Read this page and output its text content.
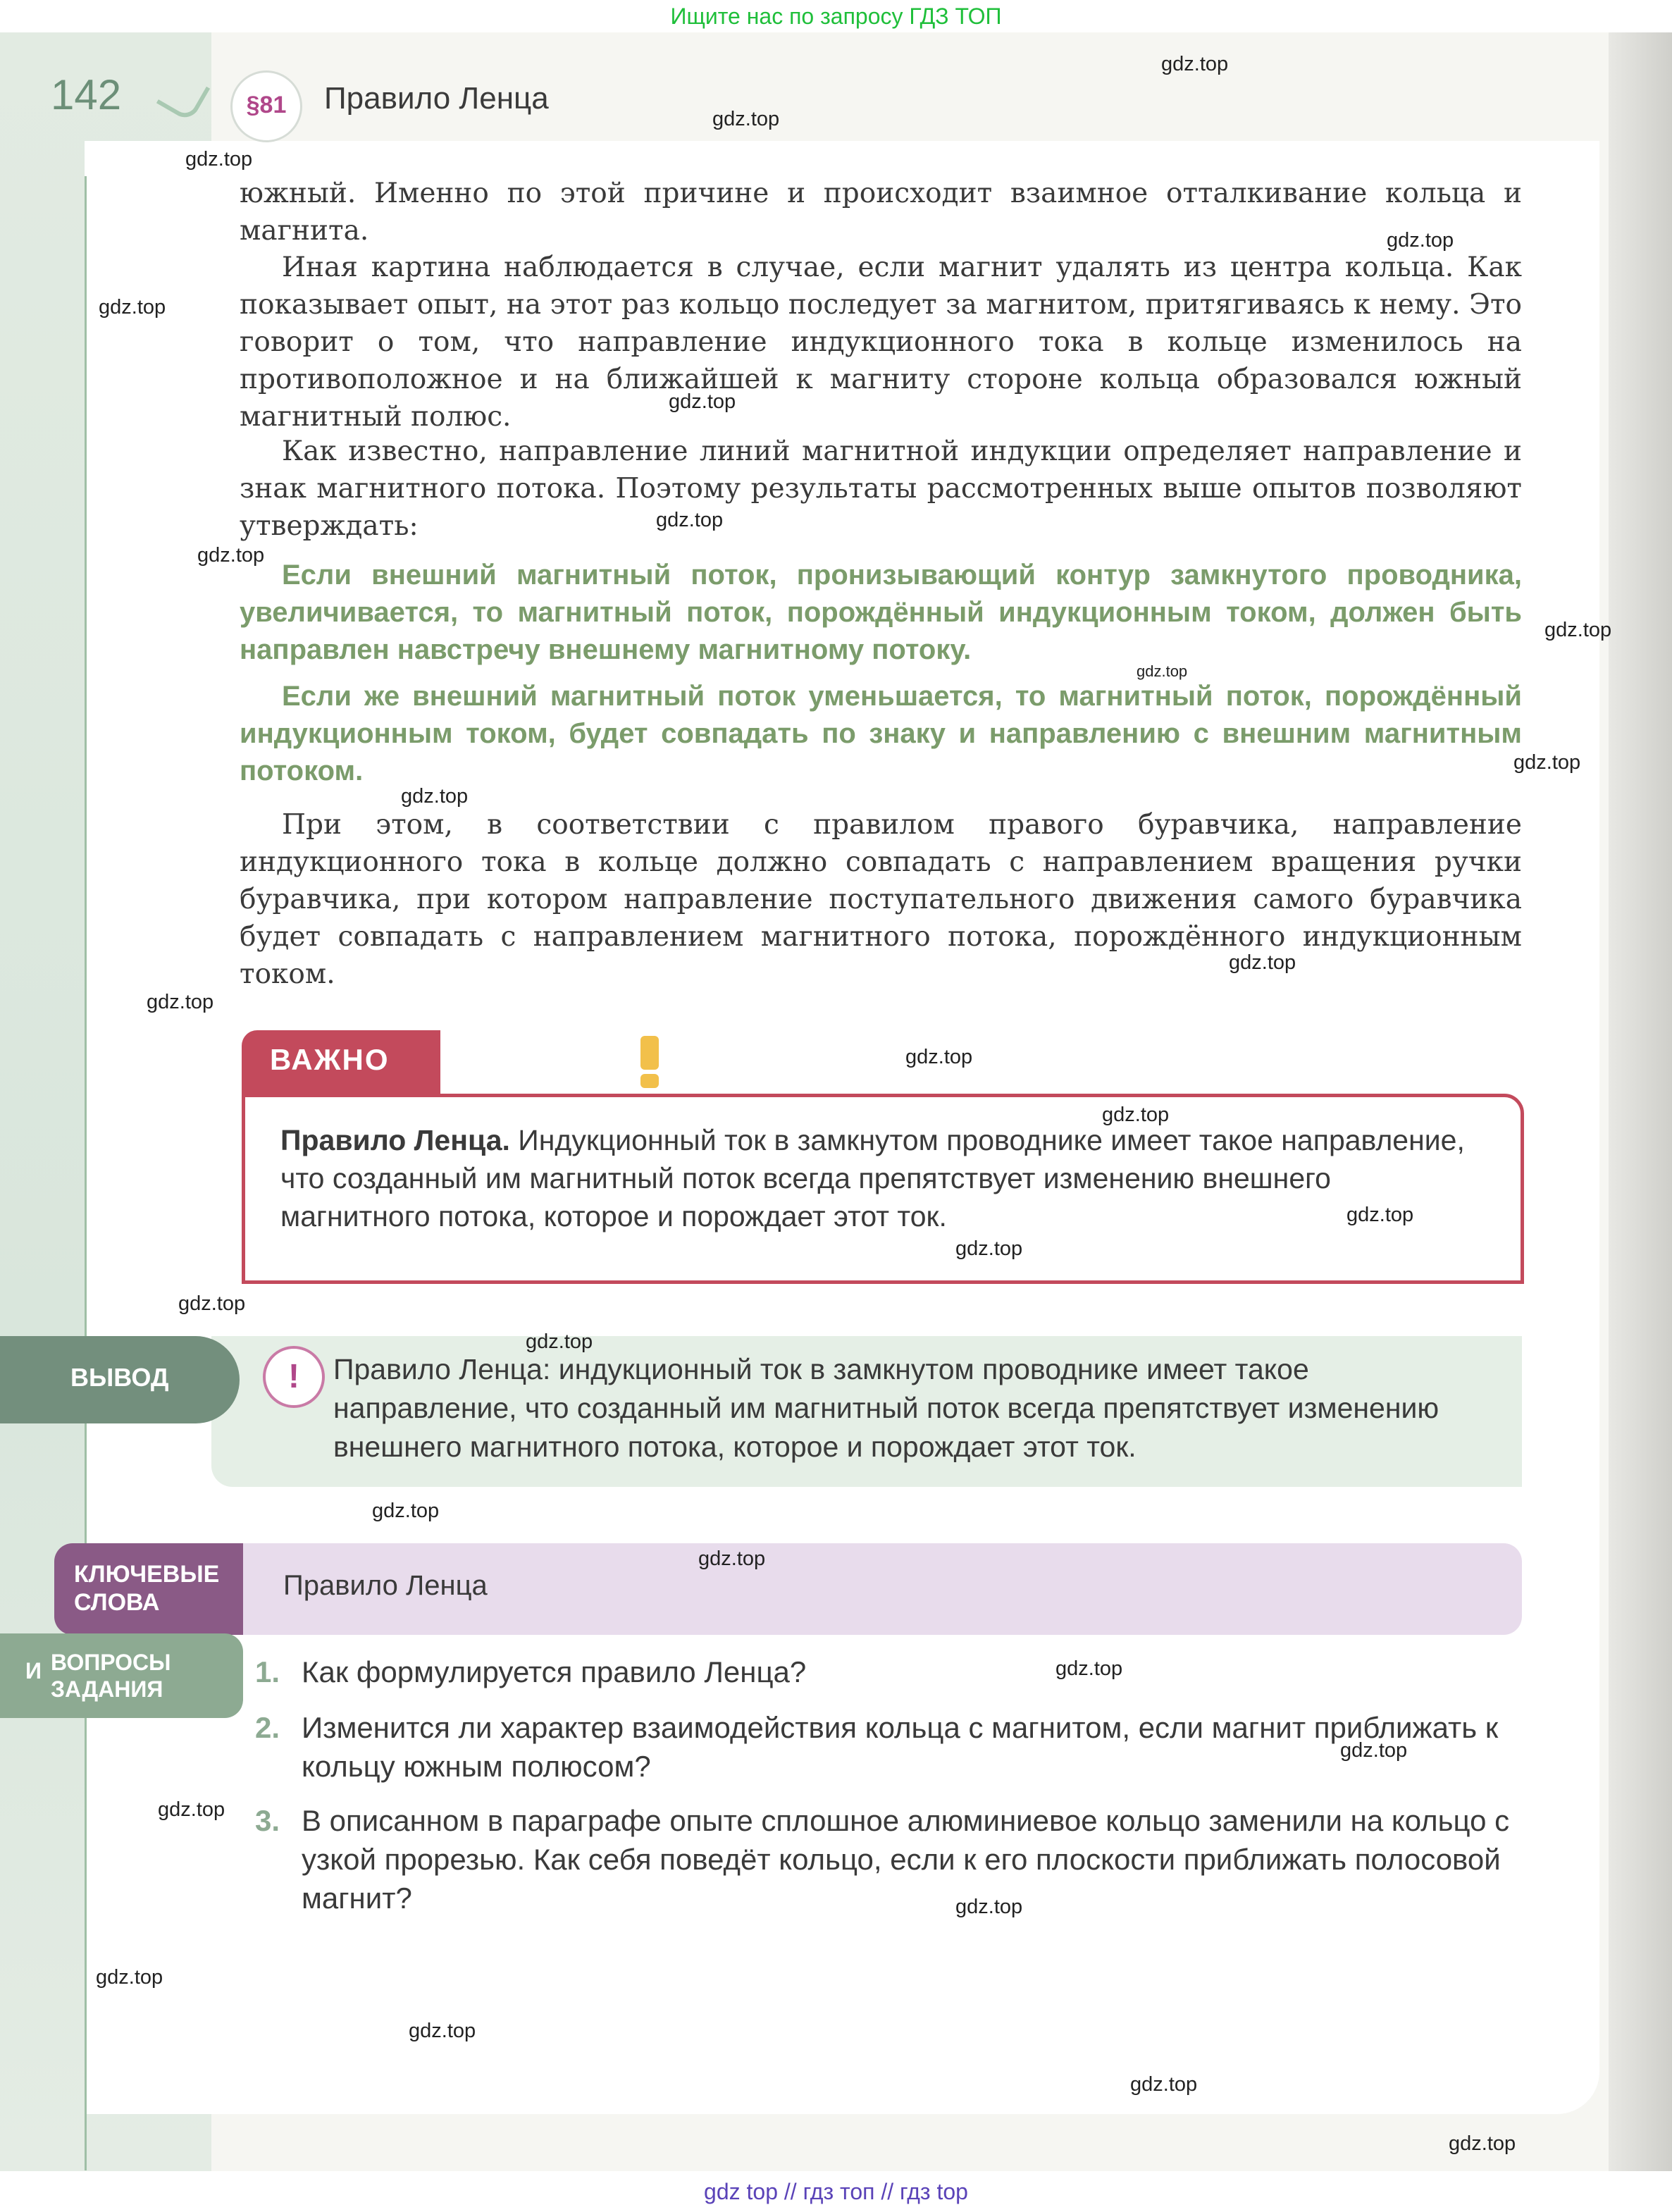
Ищите нас по запросу ГДЗ ТОП
142	§81	Правило Ленца

южный. Именно по этой причине и происходит взаимное отталкивание кольца и магнита.

Иная картина наблюдается в случае, если магнит удалять из центра кольца. Как показывает опыт, на этот раз кольцо последует за магнитом, притягиваясь к нему. Это говорит о том, что направление индукционного тока в кольце изменилось на противоположное и на ближайшей к магниту стороне кольца образовался южный магнитный полюс.

Как известно, направление линий магнитной индукции определяет направление и знак магнитного потока. Поэтому результаты рассмотренных выше опытов позволяют утверждать:

Если внешний магнитный поток, пронизывающий контур замкнутого проводника, увеличивается, то магнитный поток, порождённый индукционным током, должен быть направлен навстречу внешнему магнитному потоку.

Если же внешний магнитный поток уменьшается, то магнитный поток, порождённый индукционным током, будет совпадать по знаку и направлению с внешним магнитным потоком.

При этом, в соответствии с правилом правого буравчика, направление индукционного тока в кольце должно совпадать с направлением вращения ручки буравчика, при котором направление поступательного движения самого буравчика будет совпадать с направлением магнитного потока, порождённого индукционным током.

ВАЖНО

Правило Ленца. Индукционный ток в замкнутом проводнике имеет такое направление, что созданный им магнитный поток всегда препятствует изменению внешнего магнитного потока, которое и порождает этот ток.

ВЫВОД	!	Правило Ленца: индукционный ток в замкнутом проводнике имеет такое направление, что созданный им магнитный поток всегда препятствует изменению внешнего магнитного потока, которое и порождает этот ток.

КЛЮЧЕВЫЕ
СЛОВА
Правило Ленца
ВОПРОСЫ
И
ЗАДАНИЯ
1. Как формулируется правило Ленца?
2. Изменится ли характер взаимодействия кольца с магнитом, если магнит приближать к кольцу южным полюсом?
3. В описанном в параграфе опыте сплошное алюминиевое кольцо заменили на кольцо с узкой прорезью. Как себя поведёт кольцо, если к его плоскости приближать полосовой магнит?
gdz.top
gdz.top
gdz.top
gdz.top
gdz.top
gdz.top
gdz.top
gdz.top
gdz.top
gdz.top
gdz.top
gdz.top
gdz.top
gdz.top
gdz.top
gdz.top
gdz.top
gdz.top
gdz.top
gdz.top
gdz.top
gdz.top
gdz.top
gdz.top
gdz.top
gdz.top
gdz.top
gdz.top
gdz.top
gdz.top
gdz top // гдз топ // гдз top
